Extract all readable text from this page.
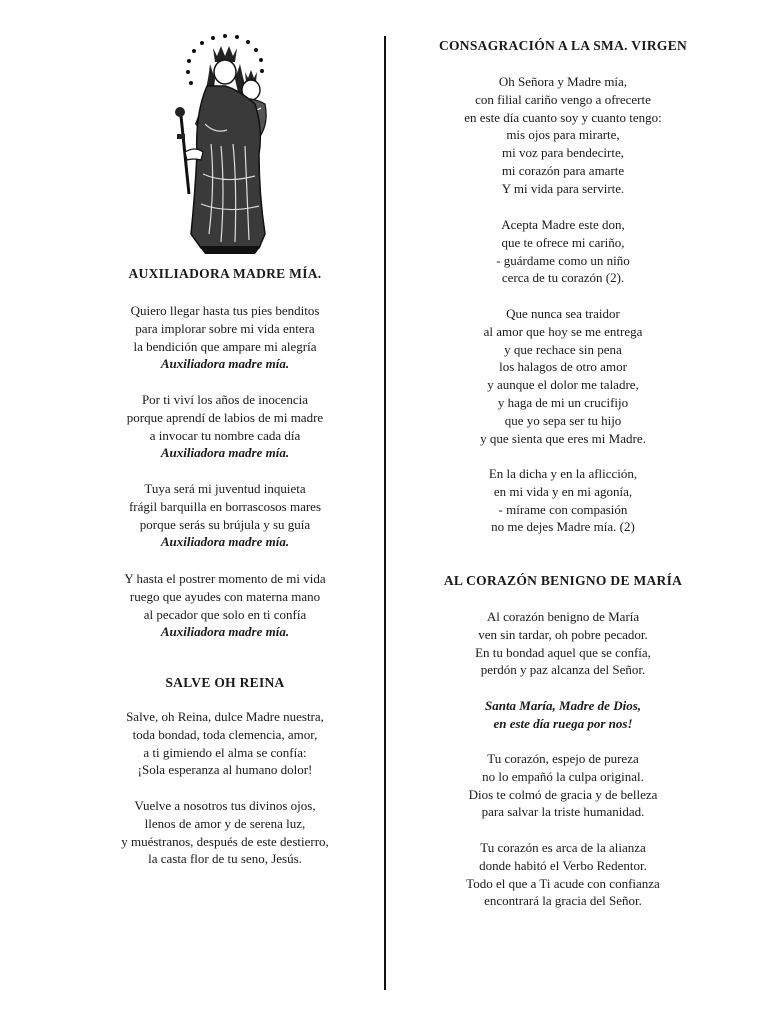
AUXILIADORA MADRE MÍA.
Quiero llegar hasta tus pies benditos
para implorar sobre mi vida entera
la bendición que ampare mi alegría
Auxiliadora madre mía.
Por ti viví los años de inocencia
porque aprendí de labios de mi madre
a invocar tu nombre cada día
Auxiliadora madre mía.
Tuya será mi juventud inquieta
frágil barquilla en borrascosos mares
porque serás su brújula y su guía
Auxiliadora madre mía.
Y hasta el postrer momento de mi vida
ruego que ayudes con materna mano
al pecador que solo en ti confía
Auxiliadora madre mía.
SALVE OH REINA
Salve, oh Reina, dulce Madre nuestra,
toda bondad, toda clemencia, amor,
a ti gimiendo el alma se confía:
¡Sola esperanza al humano dolor!
Vuelve a nosotros tus divinos ojos,
llenos de amor y de serena luz,
y muéstranos, después de este destierro,
la casta flor de tu seno, Jesús.
CONSAGRACIÓN A LA SMA. VIRGEN
Oh Señora y Madre mía,
con filial cariño vengo a ofrecerte
en este día cuanto soy y cuanto tengo:
mis ojos para mirarte,
mi voz para bendecirte,
mi corazón para amarte
Y mi vida para servirte.
Acepta Madre este don,
que te ofrece mi cariño,
- guárdame como un niño
cerca de tu corazón (2).
Que nunca sea traidor
al amor que hoy se me entrega
y que rechace sin pena
los halagos de otro amor
y aunque el dolor me taladre,
y haga de mi un crucifijo
que yo sepa ser tu hijo
y que sienta que eres mi Madre.
En la dicha y en la aflicción,
en mi vida y en mi agonía,
- mírame con compasión
no me dejes Madre mía. (2)
AL CORAZÓN BENIGNO DE MARÍA
Al corazón benigno de María
ven sin tardar, oh pobre pecador.
En tu bondad aquel que se confía,
perdón y paz alcanza del Señor.
Santa María, Madre de Dios,
en este día ruega por nos!
Tu corazón, espejo de pureza
no lo empañó la culpa original.
Dios te colmó de gracia y de belleza
para salvar la triste humanidad.
Tu corazón es arca de la alianza
donde habitó el Verbo Redentor.
Todo el que a Ti acude con confianza
encontrará la gracia del Señor.
